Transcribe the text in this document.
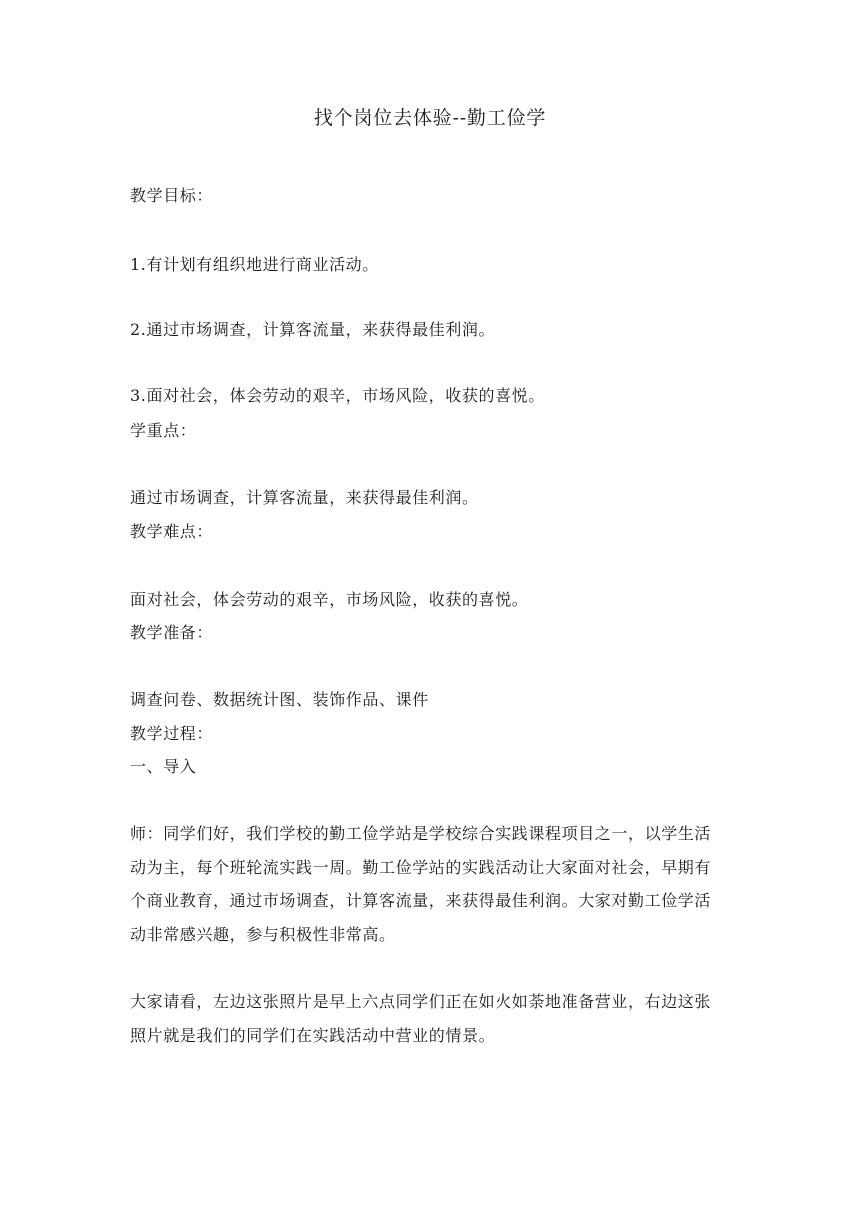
找个岗位去体验--勤工俭学
教学目标：
1.有计划有组织地进行商业活动。
2.通过市场调查，计算客流量，来获得最佳利润。
3.面对社会，体会劳动的艰辛，市场风险，收获的喜悦。
学重点：
通过市场调查，计算客流量，来获得最佳利润。
教学难点：
面对社会，体会劳动的艰辛，市场风险，收获的喜悦。
教学准备：
调查问卷、数据统计图、装饰作品、课件
教学过程：
一、导入
师：同学们好，我们学校的勤工俭学站是学校综合实践课程项目之一，以学生活
动为主，每个班轮流实践一周。勤工俭学站的实践活动让大家面对社会，早期有
个商业教育，通过市场调查，计算客流量，来获得最佳利润。大家对勤工俭学活
动非常感兴趣，参与积极性非常高。
大家请看，左边这张照片是早上六点同学们正在如火如荼地准备营业，右边这张
照片就是我们的同学们在实践活动中营业的情景。
